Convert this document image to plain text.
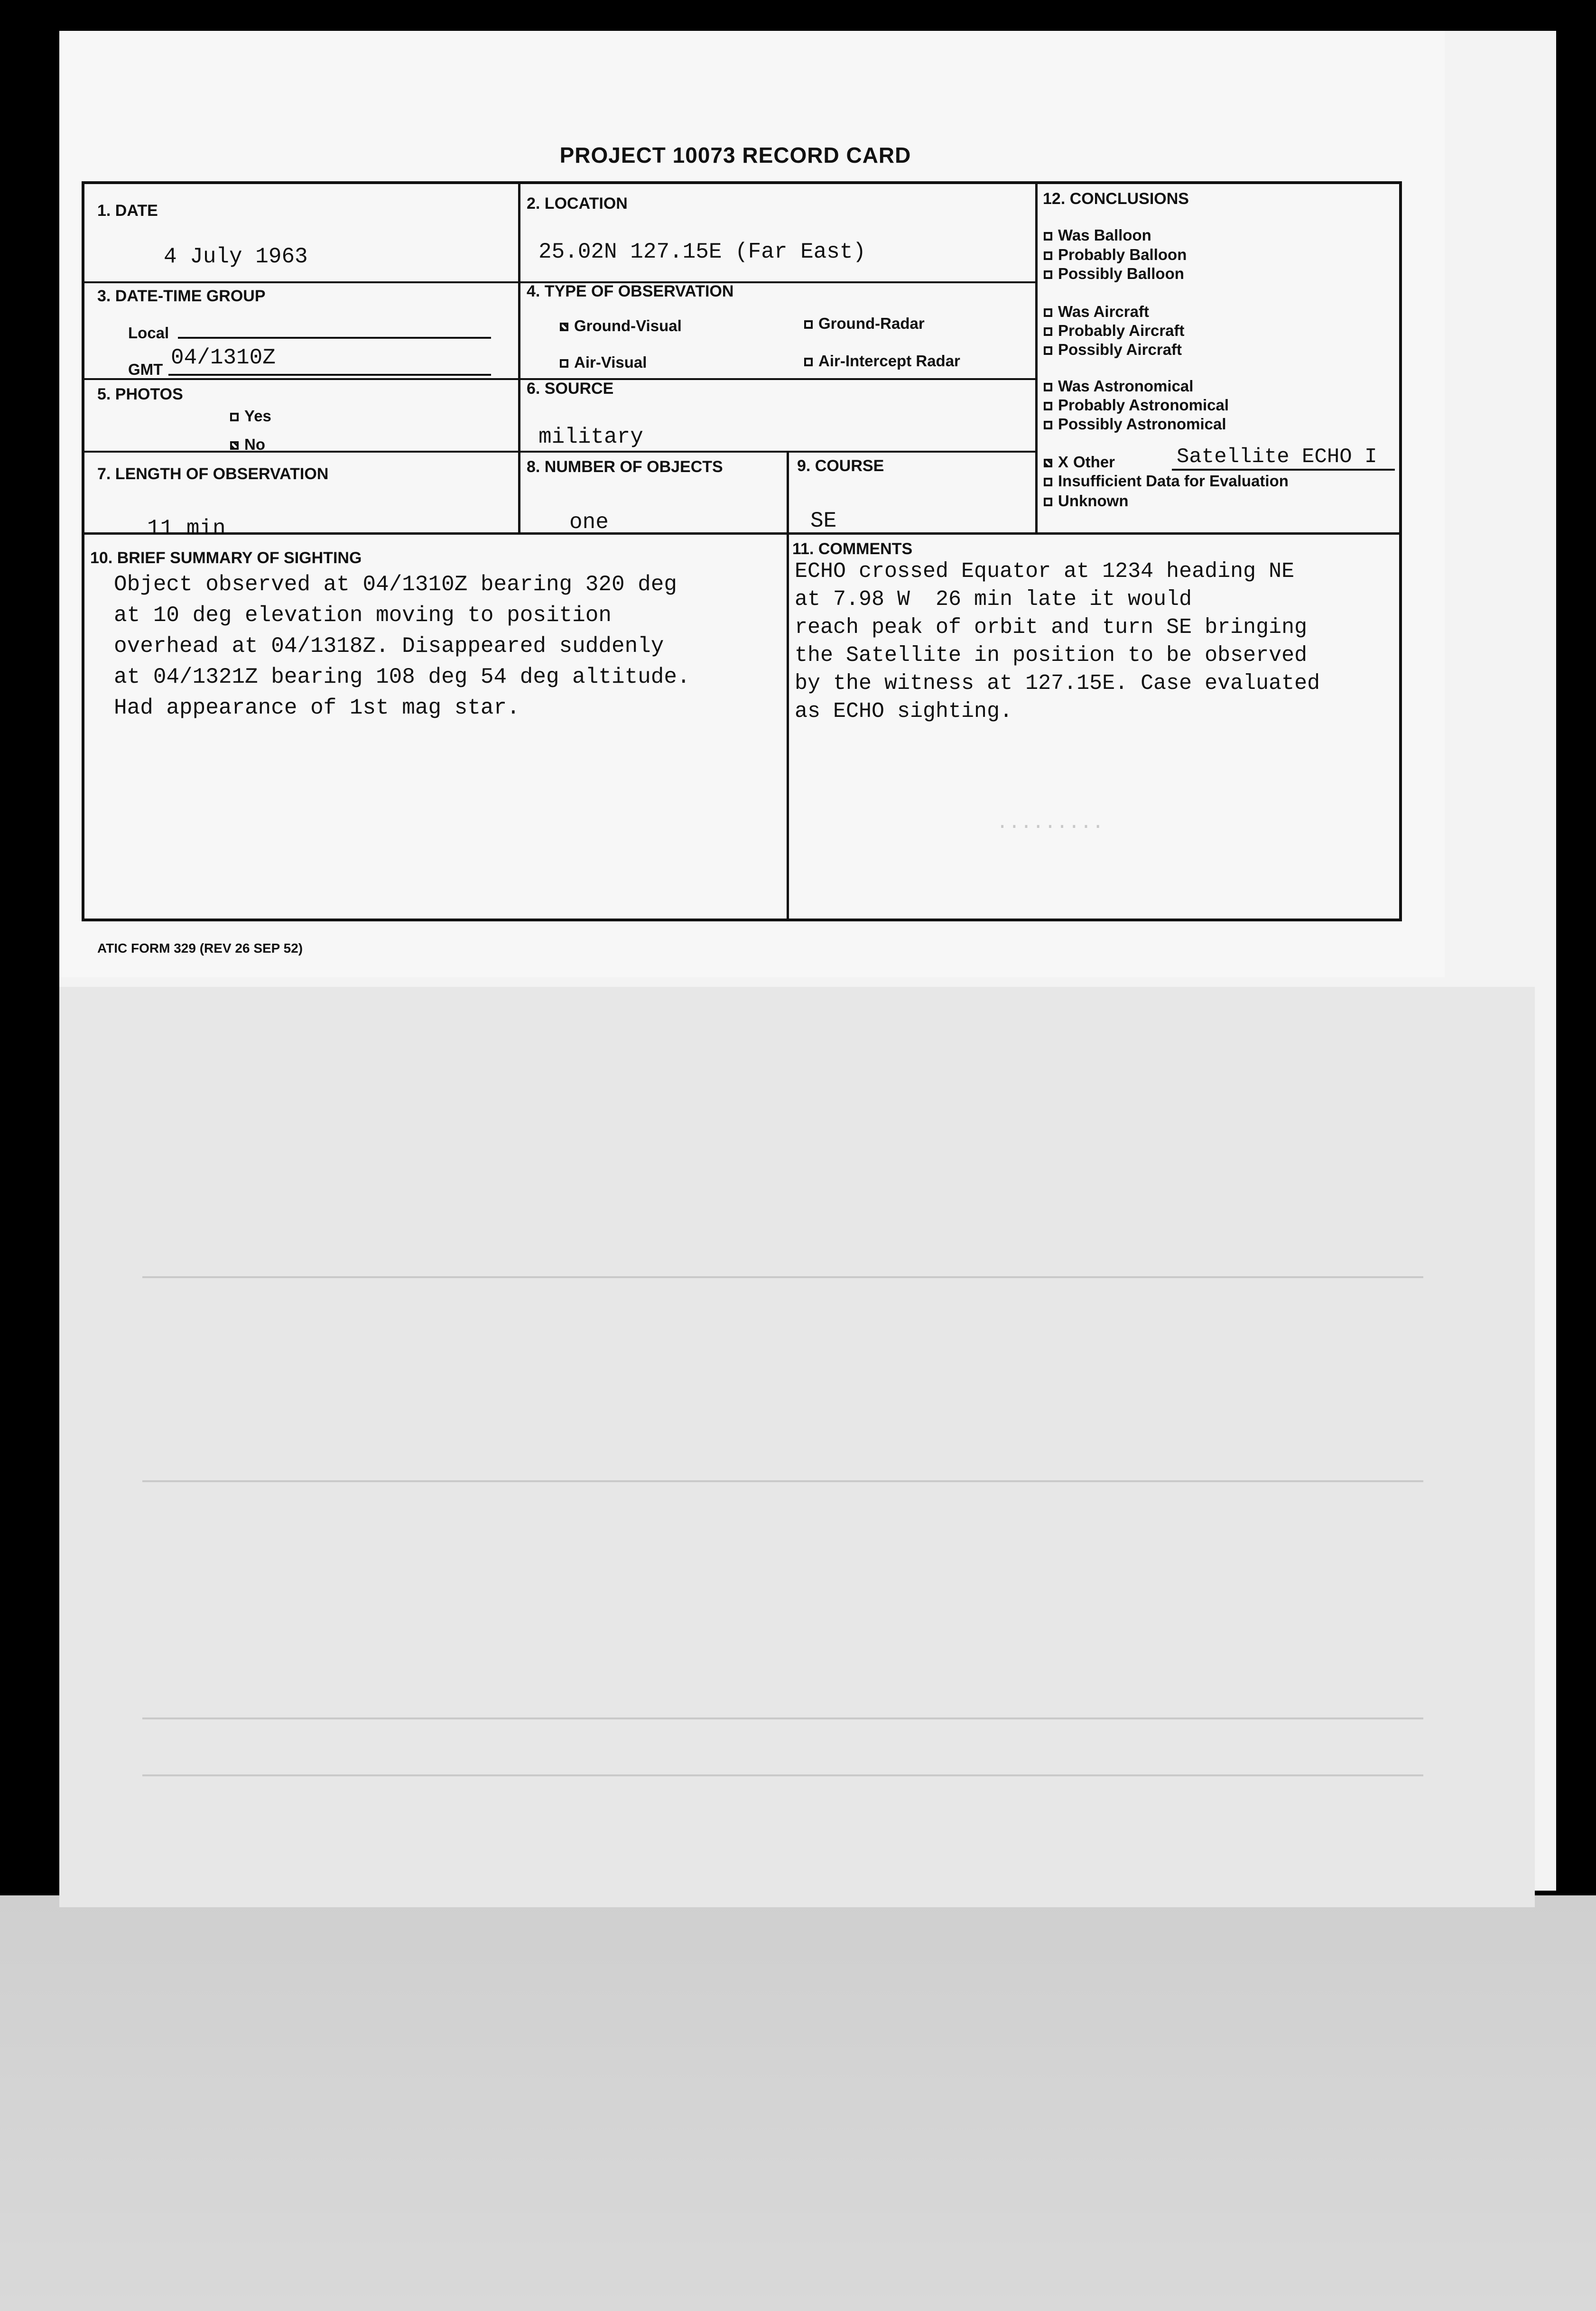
.........
PROJECT 10073 RECORD CARD
1. DATE
4 July 1963
2. LOCATION
25.02N 127.15E (Far East)
3. DATE-TIME GROUP
Local
GMT 04/1310Z
4. TYPE OF OBSERVATION
Ground-Visual	Ground-Radar
Air-Visual	Air-Intercept Radar
5. PHOTOS
Yes
No
6. SOURCE
military
7. LENGTH OF OBSERVATION
11 min
8. NUMBER OF OBJECTS
one
9. COURSE
SE
12. CONCLUSIONS
Was Balloon
Probably Balloon
Possibly Balloon
Was Aircraft
Probably Aircraft
Possibly Aircraft
Was Astronomical
Probably Astronomical
Possibly Astronomical
X Other	Satellite ECHO I
Insufficient Data for Evaluation
Unknown
10. BRIEF SUMMARY OF SIGHTING
Object observed at 04/1310Z bearing 320 deg
at 10 deg elevation moving to position
overhead at 04/1318Z. Disappeared suddenly
at 04/1321Z bearing 108 deg 54 deg altitude.
Had appearance of 1st mag star.
11. COMMENTS
ECHO crossed Equator at 1234 heading NE
at 7.98 W  26 min late it would
reach peak of orbit and turn SE bringing
the Satellite in position to be observed
by the witness at 127.15E. Case evaluated
as ECHO sighting.
ATIC FORM 329 (REV 26 SEP 52)
